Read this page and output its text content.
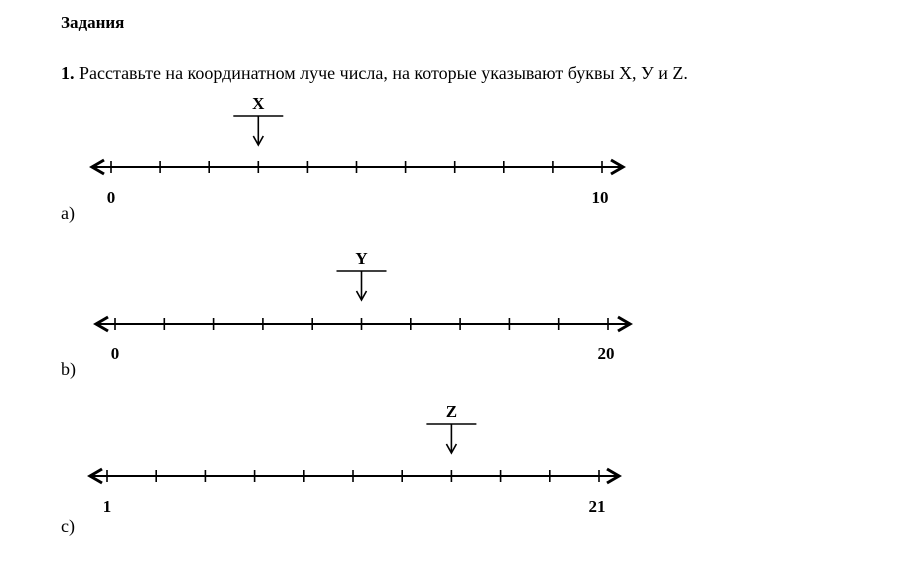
Задания
1. Расставьте на координатном луче числа, на которые указывают буквы X, У и Z.
a)
b)
c)
0	10
X
0	20
Y
1	21
Z
